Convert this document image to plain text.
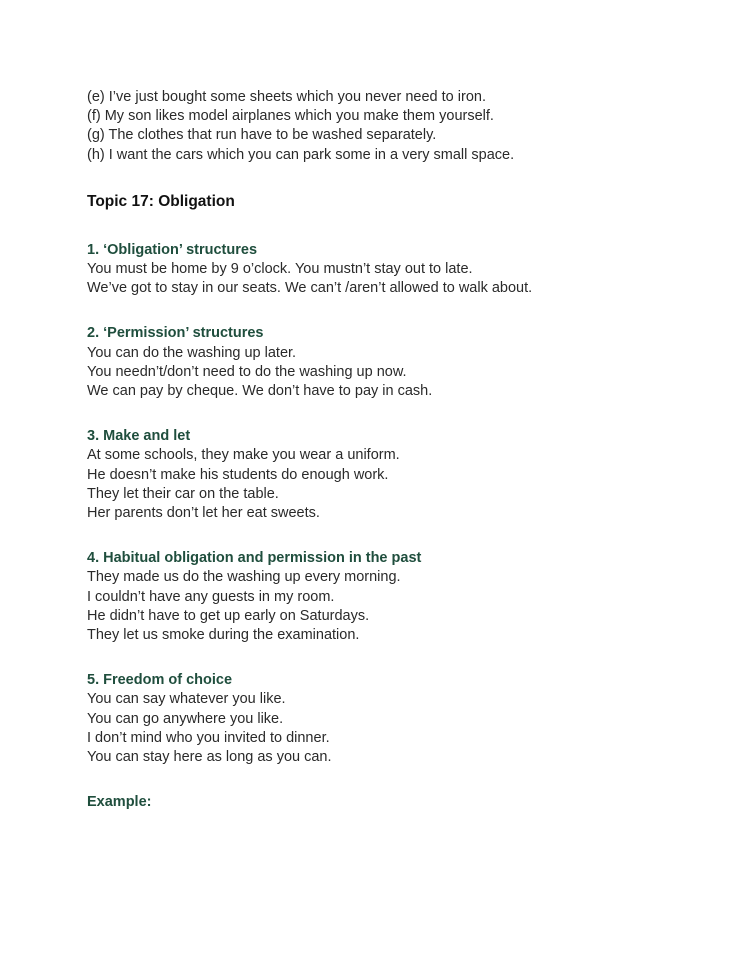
(e) I’ve just bought some sheets which you never need to iron.
(f) My son likes model airplanes which you make them yourself.
(g) The clothes that run have to be washed separately.
(h) I want the cars which you can park some in a very small space.
Topic 17: Obligation
1. ‘Obligation’ structures
You must be home by 9 o’clock. You mustn’t stay out to late.
We’ve got to stay in our seats. We can’t /aren’t allowed to walk about.
2. ‘Permission’ structures
You can do the washing up later.
You needn’t/don’t need to do the washing up now.
We can pay by cheque. We don’t have to pay in cash.
3. Make and let
At some schools, they make you wear a uniform.
He doesn’t make his students do enough work.
They let their car on the table.
Her parents don’t let her eat sweets.
4. Habitual obligation and permission in the past
They made us do the washing up every morning.
I couldn’t have any guests in my room.
He didn’t have to get up early on Saturdays.
They let us smoke during the examination.
5. Freedom of choice
You can say whatever you like.
You can go anywhere you like.
I don’t mind who you invited to dinner.
You can stay here as long as you can.
Example:
